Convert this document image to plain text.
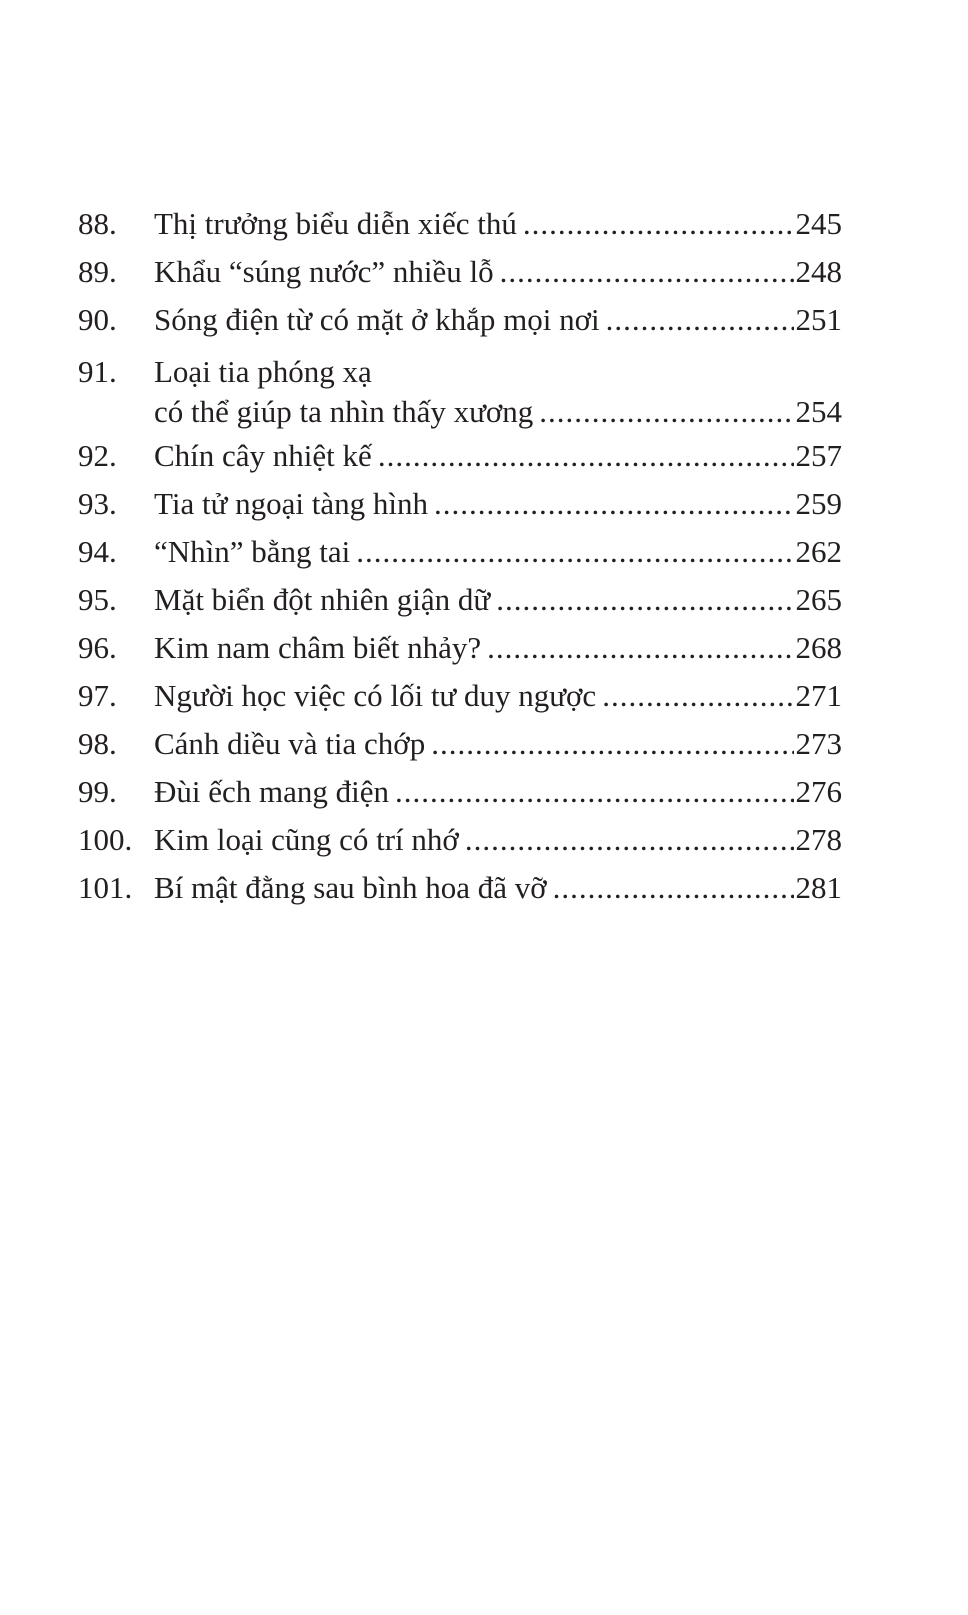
88.	Thị trưởng biểu diễn xiếc thú .....	245
89.	Khẩu “súng nước” nhiều lỗ .....	248
90.	Sóng điện từ có mặt ở khắp mọi nơi .....	251
91.	Loại tia phóng xạ
có thể giúp ta nhìn thấy xương .....	254
92.	Chín cây nhiệt kế .....	257
93.	Tia tử ngoại tàng hình .....	259
94.	“Nhìn” bằng tai .....	262
95.	Mặt biển đột nhiên giận dữ .....	265
96.	Kim nam châm biết nhảy? .....	268
97.	Người học việc có lối tư duy ngược .....	271
98.	Cánh diều và tia chớp .....	273
99.	Đùi ếch mang điện .....	276
100. Kim loại cũng có trí nhớ .....	278
101. Bí mật đằng sau bình hoa đã vỡ .....	281
